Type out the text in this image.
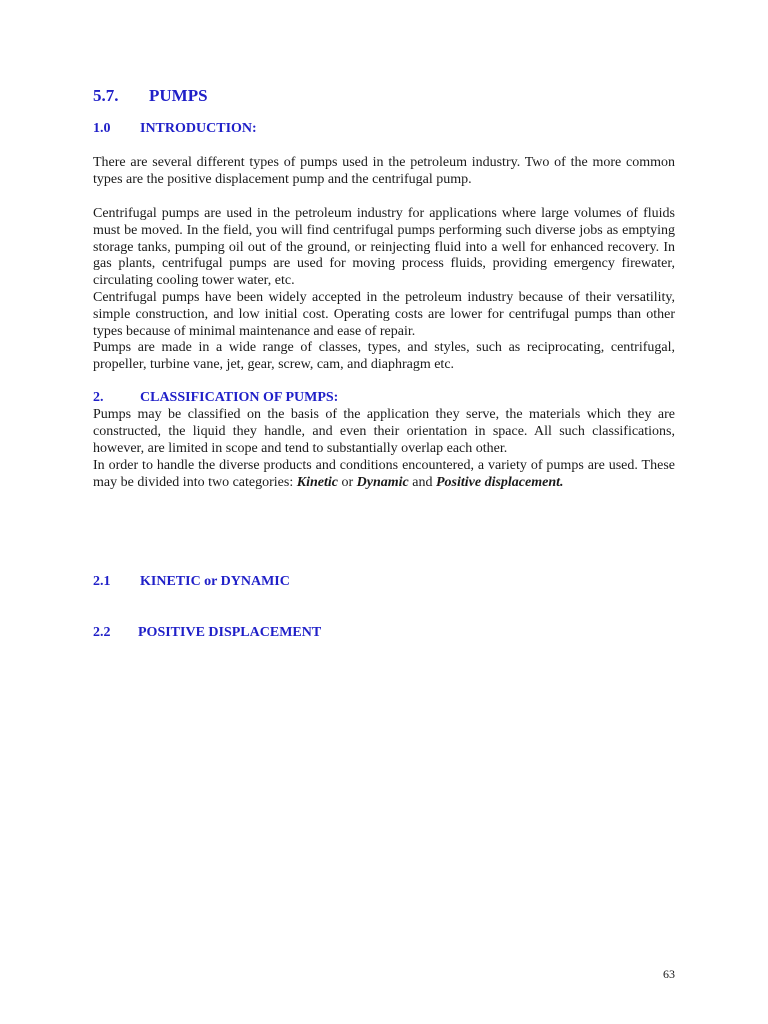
5.7. PUMPS
1.0 INTRODUCTION:

There are several different types of pumps used in the petroleum industry. Two of the more common types are the positive displacement pump and the centrifugal pump.

Centrifugal pumps are used in the petroleum industry for applications where large volumes of fluids must be moved. In the field, you will find centrifugal pumps performing such diverse jobs as emptying storage tanks, pumping oil out of the ground, or reinjecting fluid into a well for enhanced recovery. In gas plants, centrifugal pumps are used for moving process fluids, providing emergency firewater, circulating cooling tower water, etc.

Centrifugal pumps have been widely accepted in the petroleum industry because of their versatility, simple construction, and low initial cost. Operating costs are lower for centrifugal pumps than other types because of minimal maintenance and ease of repair.

Pumps are made in a wide range of classes, types, and styles, such as reciprocating, centrifugal, propeller, turbine vane, jet, gear, screw, cam, and diaphragm etc.

2.	CLASSIFICATION OF PUMPS:

Pumps may be classified on the basis of the application they serve, the materials which they are constructed, the liquid they handle, and even their orientation in space. All such classifications, however, are limited in scope and tend to substantially overlap each other.

In order to handle the diverse products and conditions encountered, a variety of pumps are used. These may be divided into two categories: Kinetic or Dynamic and Positive displacement.

2.1 KINETIC or DYNAMIC
2.2 POSITIVE DISPLACEMENT
63
